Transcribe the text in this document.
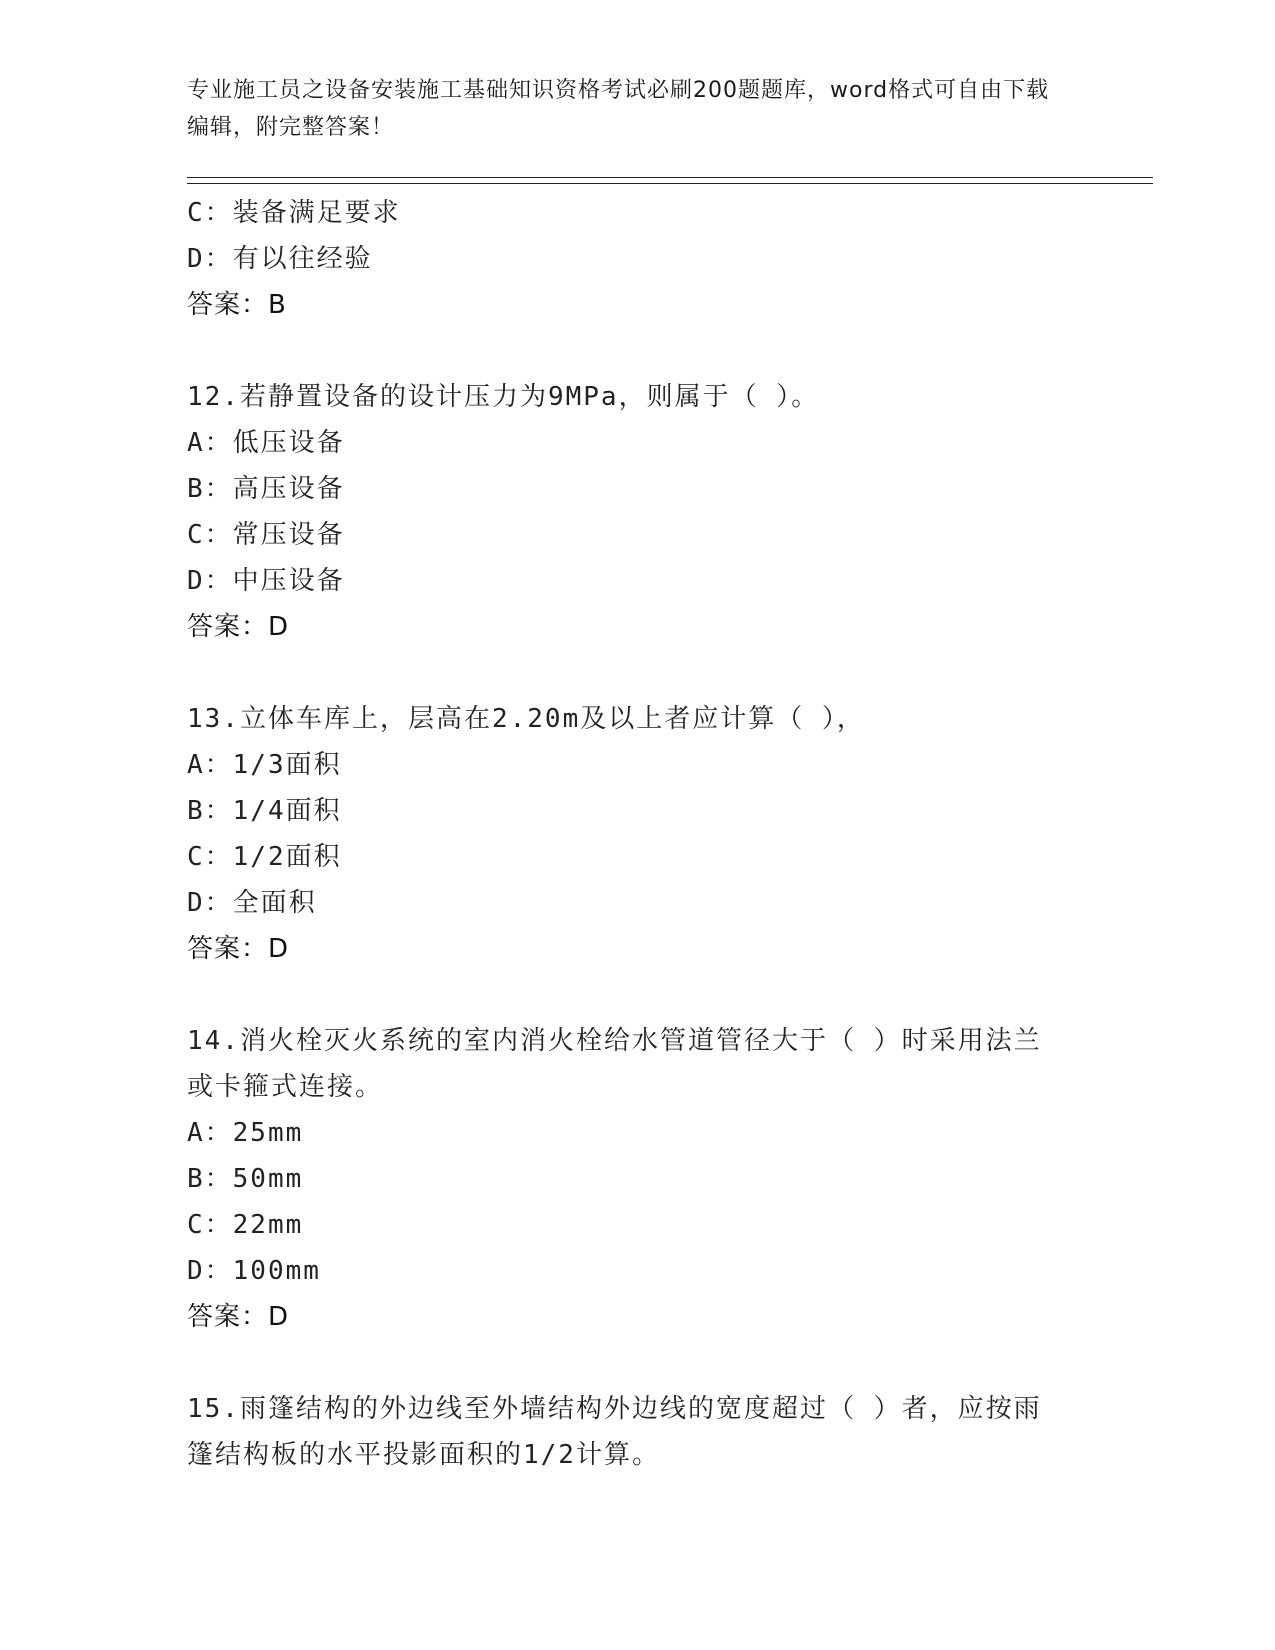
专业施工员之设备安装施工基础知识资格考试必刷200题题库，word格式可自由下载编辑，附完整答案！
C：装备满足要求
D：有以往经验
答案：B
12.若静置设备的设计压力为9MPa，则属于（ ）。
A：低压设备
B：高压设备
C：常压设备
D：中压设备
答案：D
13.立体车库上，层高在2.20m及以上者应计算（ ），
A：1/3面积
B：1/4面积
C：1/2面积
D：全面积
答案：D
14.消火栓灭火系统的室内消火栓给水管道管径大于（ ）时采用法兰或卡箍式连接。
A：25mm
B：50mm
C：22mm
D：100mm
答案：D
15.雨篷结构的外边线至外墙结构外边线的宽度超过（ ）者，应按雨篷结构板的水平投影面积的1/2计算。
